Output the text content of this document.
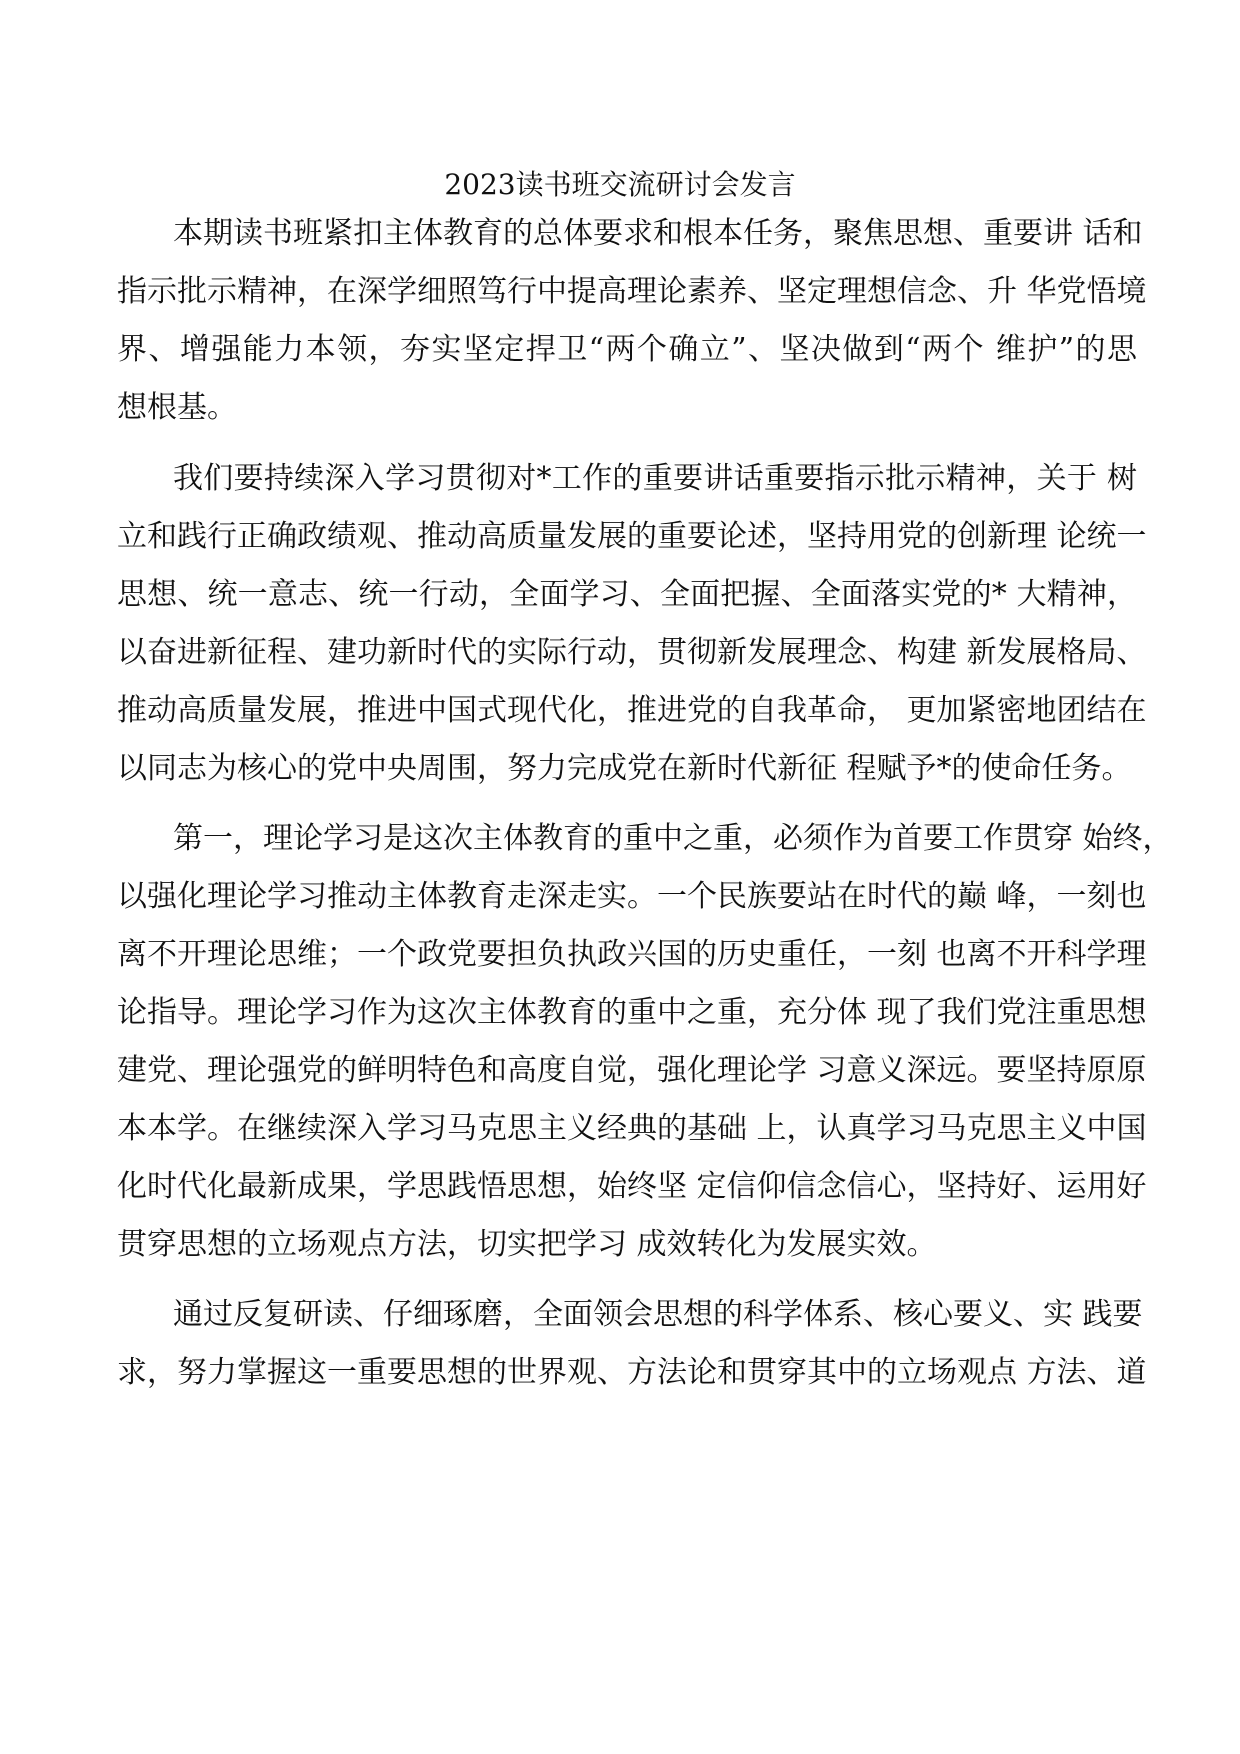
2023读书班交流研讨会发言
本期读书班紧扣主体教育的总体要求和根本任务，聚焦思想、重要讲 话和
指示批示精神，在深学细照笃行中提高理论素养、坚定理想信念、升 华党悟境
界、增强能力本领，夯实坚定捍卫“两个确立”、坚决做到“两个 维护”的思
想根基。
我们要持续深入学习贯彻对*工作的重要讲话重要指示批示精神，关于 树
立和践行正确政绩观、推动高质量发展的重要论述，坚持用党的创新理 论统一
思想、统一意志、统一行动，全面学习、全面把握、全面落实党的* 大精神，
以奋进新征程、建功新时代的实际行动，贯彻新发展理念、构建 新发展格局、
推动高质量发展，推进中国式现代化，推进党的自我革命， 更加紧密地团结在
以同志为核心的党中央周围，努力完成党在新时代新征 程赋予*的使命任务。
第一，理论学习是这次主体教育的重中之重，必须作为首要工作贯穿 始终，
以强化理论学习推动主体教育走深走实。一个民族要站在时代的巅 峰，一刻也
离不开理论思维；一个政党要担负执政兴国的历史重任，一刻 也离不开科学理
论指导。理论学习作为这次主体教育的重中之重，充分体 现了我们党注重思想
建党、理论强党的鲜明特色和高度自觉，强化理论学 习意义深远。要坚持原原
本本学。在继续深入学习马克思主义经典的基础 上，认真学习马克思主义中国
化时代化最新成果，学思践悟思想，始终坚 定信仰信念信心，坚持好、运用好
贯穿思想的立场观点方法，切实把学习 成效转化为发展实效。
通过反复研读、仔细琢磨，全面领会思想的科学体系、核心要义、实 践要
求，努力掌握这一重要思想的世界观、方法论和贯穿其中的立场观点 方法、道
